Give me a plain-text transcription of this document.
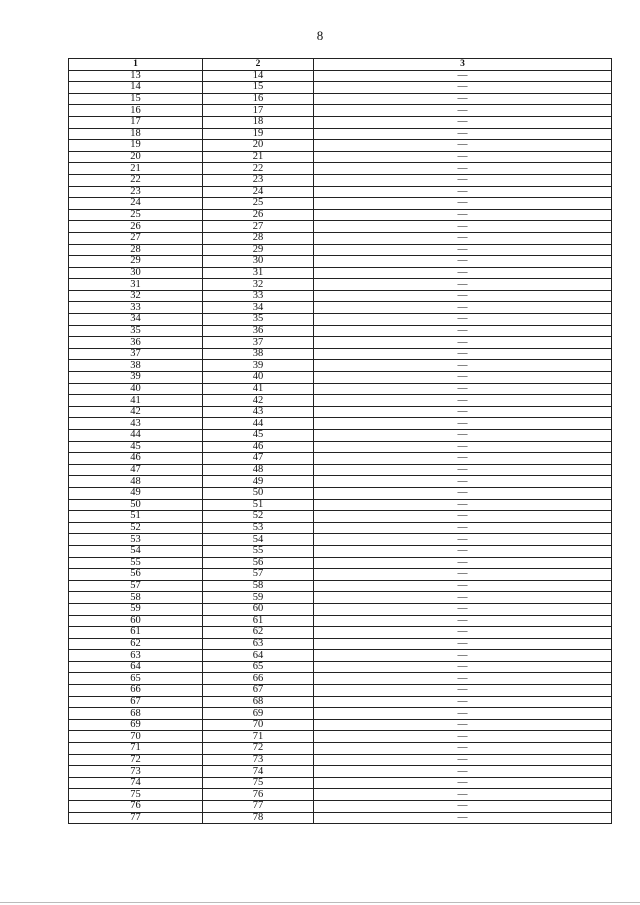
8
1	2	3
13	14	—
14	15	—
15	16	—
16	17	—
17	18	—
18	19	—
19	20	—
20	21	—
21	22	—
22	23	—
23	24	—
24	25	—
25	26	—
26	27	—
27	28	—
28	29	—
29	30	—
30	31	—
31	32	—
32	33	—
33	34	—
34	35	—
35	36	—
36	37	—
37	38	—
38	39	—
39	40	—
40	41	—
41	42	—
42	43	—
43	44	—
44	45	—
45	46	—
46	47	—
47	48	—
48	49	—
49	50	—
50	51	—
51	52	—
52	53	—
53	54	—
54	55	—
55	56	—
56	57	—
57	58	—
58	59	—
59	60	—
60	61	—
61	62	—
62	63	—
63	64	—
64	65	—
65	66	—
66	67	—
67	68	—
68	69	—
69	70	—
70	71	—
71	72	—
72	73	—
73	74	—
74	75	—
75	76	—
76	77	—
77	78	—
